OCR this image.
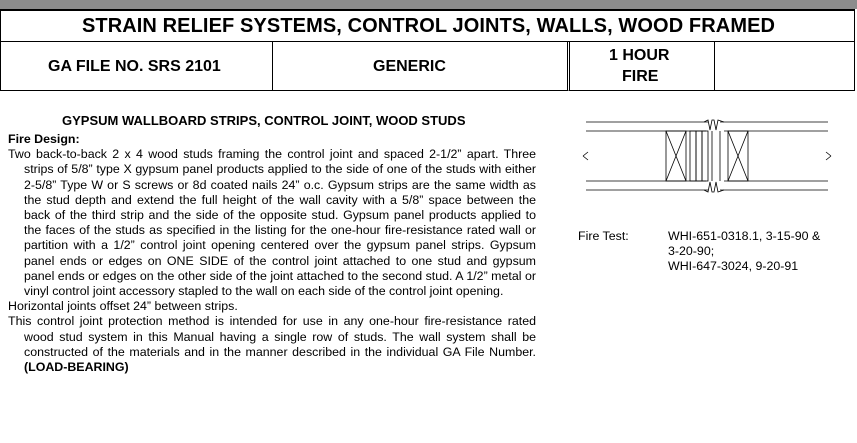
STRAIN RELIEF SYSTEMS, CONTROL JOINTS, WALLS, WOOD FRAMED
GA FILE NO. SRS 2101	GENERIC
1 HOUR
FIRE
GYPSUM WALLBOARD STRIPS, CONTROL JOINT, WOOD STUDS

Fire Design:

Two back-to-back 2 x 4 wood studs framing the control joint and spaced 2-1/2” apart. Three strips of 5/8” type X gypsum panel products applied to the side of one of the studs with either 2-5/8” Type W or S screws or 8d coated nails 24” o.c. Gypsum strips are the same width as the stud depth and extend the full height of the wall cavity with a 5/8” space between the back of the third strip and the side of the opposite stud. Gypsum panel products applied to the faces of the studs as specified in the listing for the one-hour fire-resistance rated wall or partition with a 1/2” control joint opening centered over the gypsum panel strips. Gypsum panel ends or edges on ONE SIDE of the control joint attached to one stud and gypsum panel ends or edges on the other side of the joint attached to the second stud. A 1/2” metal or vinyl control joint accessory stapled to the wall on each side of the control joint opening.

Horizontal joints offset 24” between strips.

This control joint protection method is intended for use in any one-hour fire-resistance rated wood stud system in this Manual having a single row of studs. The wall system shall be constructed of the materials and in the manner described in the individual GA File Number. (LOAD-BEARING)

Fire Test:	WHI-651-0318.1, 3-15-90 &
3-20-90;
WHI-647-3024, 9-20-91
